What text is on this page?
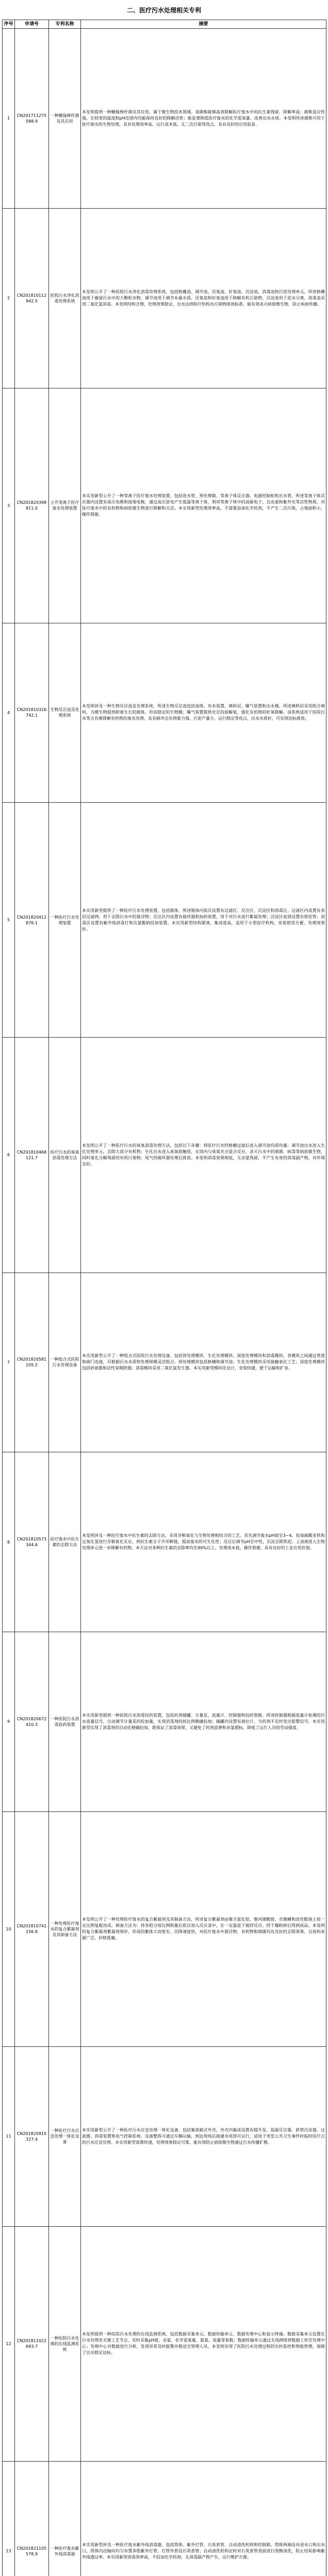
二、医疗污水处理相关专利
序号	申请号	专利名称	摘要
1	CN201711275588.9	一种嫩肠棒杆菌及其应用	本发明提供一种嫩肠棒杆菌及其应用，属于微生物技术领域。该菌株能够高效降解医疗废水中的抗生素残留，降解率高；菌株适应性强，在较宽的温度和pH范围内均能保持良好的降解活性；能显著降低医疗废水的化学需氧量，改善出水水质。本发明所述菌株可用于医疗废水的生物处理，具有处理效率高、运行成本低、无二次污染等优点，具有良好的应用前景。
2	CN201810112942.5	医院污水净化消毒处理系统	本发明公开了一种医院污水净化消毒处理系统，包括格栅池、调节池、厌氧池、好氧池、沉淀池、消毒池和污泥处理单元。所述格栅池用于截留污水中的大颗粒杂物，调节池用于调节水量水质，厌氧池和好氧池用于降解有机污染物，沉淀池用于泥水分离，消毒池采用二氧化氯消毒。本发明结构合理，处理效果稳定，出水达到医疗机构水污染物排放标准，能有效杀灭病原微生物，防止疾病传播。
3	CN201820398811.0	立升等离子医疗废水处理装置	本实用新型公开了一种等离子医疗废水处理装置，包括进水管、预处理箱、等离子体反应器、电源控制柜和出水管。所述等离子体反应器内设置有高压电极和接地电极，通过高压放电产生低温等离子体，利用等离子体中的高能电子、自由基和紫外光等活性物质，对医疗废水中的有机物和病原微生物进行降解和灭活。本实用新型处理效率高，不需要添加化学药剂，不产生二次污染，占地面积小，操作简便。
4	CN201810326742.1	生物反应池及处理系统	本发明涉及一种生物反应池及处理系统，所述生物反应池包括池体、布水装置、填料层、曝气装置和出水堰。所述填料层采用组合填料，为微生物提供附着生长的载体，形成稳定的生物膜；曝气装置提供充足的溶解氧，强化有机物的好氧降解。该系统适用于医院污水等含有难降解有机物的废水处理，具有耐冲击负荷能力强、污泥产量少、运行稳定等优点，出水水质好，可实现达标排放。
5	CN201820412876.1	一种医疗污水处理装置	本实用新型提供了一种医疗污水处理装置，包括箱体，所述箱体内依次设置有过滤区、反应区、沉淀区和消毒区。过滤区内设置有多层过滤网，用于去除污水中的悬浮物；反应区内设置有搅拌器和加药装置，用于对污水进行絮凝处理；沉淀区底部设置有排泥管；消毒区设置有紫外线消毒灯和次氯酸钠投加装置。本实用新型结构紧凑，集成度高，适用于小型医疗机构，安装使用方便，处理效果好。
6	CN201810468121.7	医疗污水的臭氧消毒处理方法	本发明公开了一种医疗污水的臭氧消毒处理方法，包括以下步骤：将医疗污水经格栅过滤后进入调节池均质均量；调节池出水进入生化处理单元，去除大部分有机物；生化出水进入臭氧接触塔，在塔内与臭氧充分混合反应，杀灭污水中的细菌、病毒等病原微生物，同时氧化分解残留的有机污染物；尾气经破坏器处理后排放。本发明消毒效果彻底，无余氯残留，不产生有害的消毒副产物，对环境友好。
7	CN201820581105.2	一种组合式医院污水处理设备	本实用新型公开了一种组合式医院污水处理设备，包括预处理模块、生化处理模块、深度处理模块和消毒模块，各模块之间通过管道和阀门连接，可根据污水水质和处理规模灵活组合。预处理模块包括格栅和调节池；生化处理模块采用接触氧化工艺；深度处理模块包括砂滤器和活性炭吸附器；消毒模块采用二氧化氯发生器。本实用新型模块化设计，安装快捷，便于运输和扩容。
8	CN201810573344.6	医疗废水中抗生素的去除方法	本发明涉及一种医疗废水中抗生素的去除方法，采用芬顿氧化与生物处理相结合的工艺。首先调节废水pH值至3~4，投加硫酸亚铁和过氧化氢进行芬顿氧化反应，将抗生素分子开环断链，提高废水的可生化性；反应后调节pH至中性，沉淀去除铁泥；上清液进入生物处理单元进一步降解有机物。本方法对多种抗生素的去除率均在90%以上，处理成本低，操作简便，具有良好的工业应用价值。
9	CN201820672410.3	一种医院污水消毒投药装置	本实用新型提供一种医院污水消毒投药装置，包括药剂储罐、计量泵、流量计、控制器和投药管路。所述控制器根据流量计检测的污水流量信号，自动调节计量泵的投加量，实现消毒剂的按比例精确投加；储罐内设置有液位计，当药剂不足时发出报警信号。本实用新型实现了消毒剂的自动化精确投加，既保证了消毒效果，又避免了药剂浪费和余氯超标，降低了运行人员的劳动强度。
10	CN201810741156.8	一种处理医疗废水的复合絮凝剂及其制备方法	本发明公开了一种处理医疗废水的复合絮凝剂及其制备方法，所述复合絮凝剂由聚合氯化铝、聚丙烯酰胺、壳聚糖和改性膨润土按一定比例复配而成。制备方法为：将各组分按比例称量后依次加入反应釜中，在一定温度下搅拌反应，经干燥粉碎后得到成品。本发明的复合絮凝剂絮凝效果好，形成的絮体大而密实，沉降速度快，对医疗废水中悬浮物、有机物和细菌均有良好的去除效果，且原料来源广泛，价格低廉。
11	CN201820915327.4	一种医疗污水应急处理一体化设备	本实用新型公开了一种医疗污水应急处理一体化设备，包括集装箱式外壳，外壳内集成设置有提升泵、混凝反应器、斜管沉淀器、过滤器、消毒装置和电气控制系统。设备整体可通过车辆运输，到达现场后接通水电即可运行，适用于突发公共卫生事件时临时医疗点的污水应急处理。本实用新型部署快速，处理效果稳定可靠，能有效防止病原微生物通过污水传播扩散。
12	CN201811022693.7	一种医院污水处理的在线监测系统	本发明提供一种医院污水处理的在线监测系统，包括数据采集单元、数据传输单元、数据处理中心和显示终端。数据采集单元设置在污水处理各关键工艺节点，实时采集pH值、余氯、化学需氧量、氨氮、流量等参数；数据传输单元通过无线网络将数据上传至处理中心；处理中心对数据进行分析，发现异常及时报警并推送至管理人员。本发明实现了医院污水处理过程的实时监控和智能管理，保障了出水稳定达标。
13	CN201821105578.9	一种医疗废水紫外线消毒器	本实用新型涉及一种医疗废水紫外线消毒器，包括筒体、紫外灯管、石英套管、自动清洗机构和控制箱。筒体两端设有进水口和出水口，筒体内沿轴向均匀布置多组紫外灯管，灯管外套设石英套管；自动清洗机构定时对石英套管表面进行刮擦清洗，防止结垢影响紫外线透过率。本实用新型消毒效率高，不投加化学药剂，无消毒副产物产生，运行维护方便。
